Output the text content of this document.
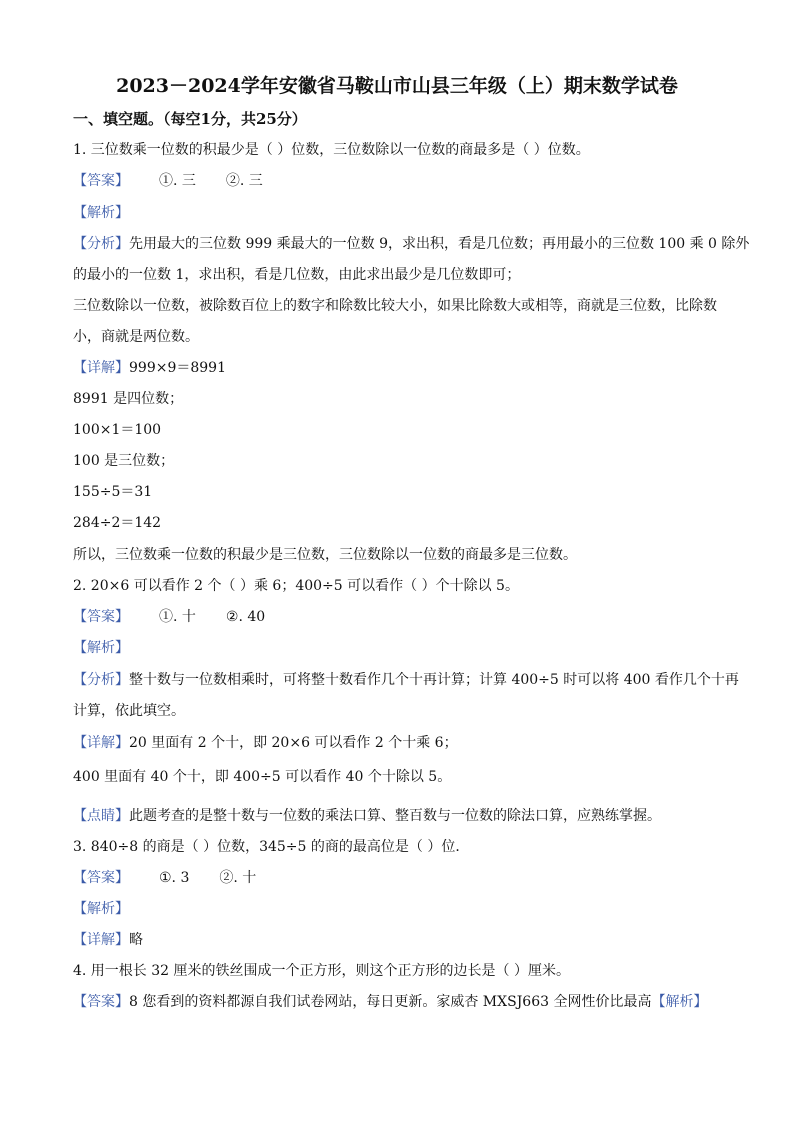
2023－2024学年安徽省马鞍山市山县三年级（上）期末数学试卷
一、填空题。（每空1分，共25分）
1. 三位数乘一位数的积最少是（ ）位数，三位数除以一位数的商最多是（ ）位数。
【答案】 ①. 三 ②. 三
【解析】
【分析】先用最大的三位数 999 乘最大的一位数 9，求出积，看是几位数；再用最小的三位数 100 乘 0 除外
的最小的一位数 1，求出积，看是几位数，由此求出最少是几位数即可；
三位数除以一位数，被除数百位上的数字和除数比较大小，如果比除数大或相等，商就是三位数，比除数
小，商就是两位数。
【详解】999×9＝8991
8991 是四位数；
100×1＝100
100 是三位数；
155÷5＝31
284÷2＝142
所以，三位数乘一位数的积最少是三位数，三位数除以一位数的商最多是三位数。
2. 20×6 可以看作 2 个（ ）乘 6；400÷5 可以看作（ ）个十除以 5。
【答案】 ①. 十 ②. 40
【解析】
【分析】整十数与一位数相乘时，可将整十数看作几个十再计算；计算 400÷5 时可以将 400 看作几个十再
计算，依此填空。
【详解】20 里面有 2 个十，即 20×6 可以看作 2 个十乘 6；
400 里面有 40 个十，即 400÷5 可以看作 40 个十除以 5。
【点睛】此题考查的是整十数与一位数的乘法口算、整百数与一位数的除法口算，应熟练掌握。
3. 840÷8 的商是（ ）位数，345÷5 的商的最高位是（ ）位．
【答案】 ①. 3 ②. 十
【解析】
【详解】略
4. 用一根长 32 厘米的铁丝围成一个正方形，则这个正方形的边长是（ ）厘米。
【答案】8 您看到的资料都源自我们试卷网站，每日更新。家威杏 MXSJ663 全网性价比最高【解析】
